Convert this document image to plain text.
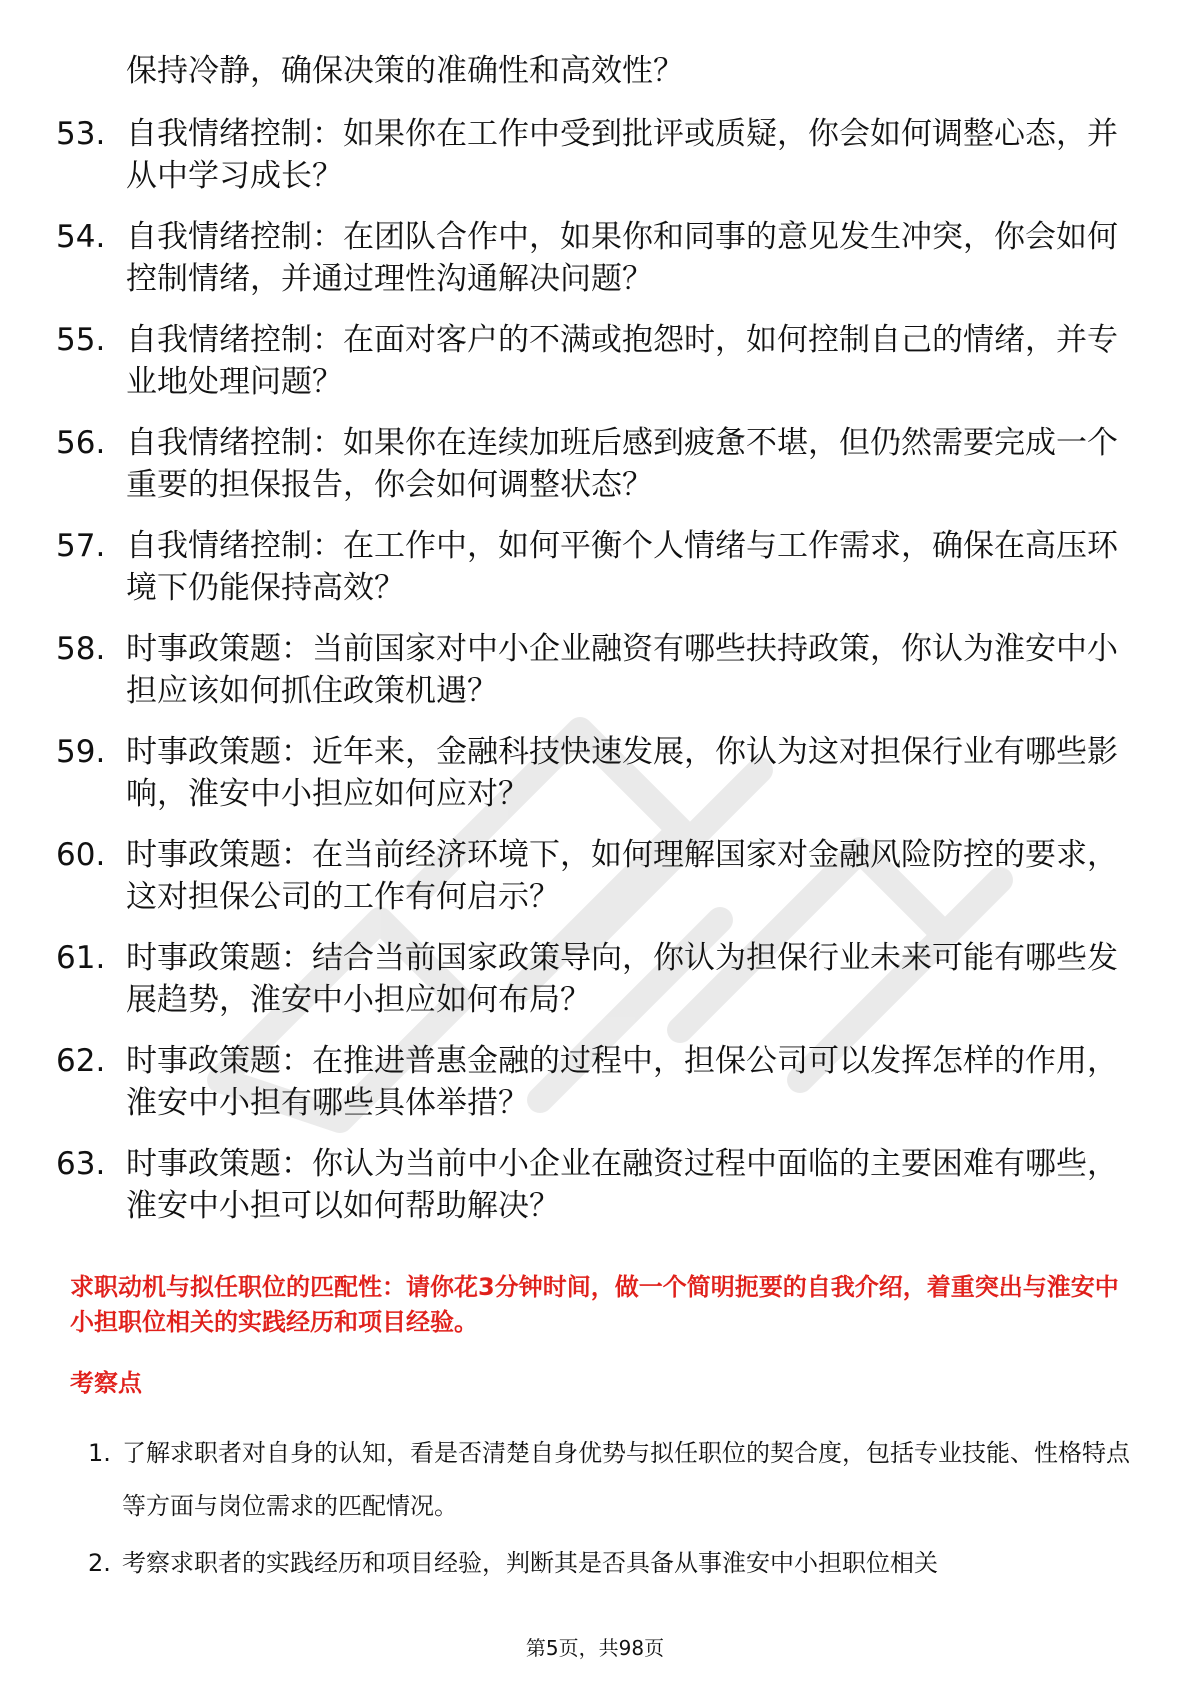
保持冷静，确保决策的准确性和高效性？
53. 自我情绪控制：如果你在工作中受到批评或质疑，你会如何调整心态，并从中学习成长？
54. 自我情绪控制：在团队合作中，如果你和同事的意见发生冲突，你会如何控制情绪，并通过理性沟通解决问题？
55. 自我情绪控制：在面对客户的不满或抱怨时，如何控制自己的情绪，并专业地处理问题？
56. 自我情绪控制：如果你在连续加班后感到疲惫不堪，但仍然需要完成一个重要的担保报告，你会如何调整状态？
57. 自我情绪控制：在工作中，如何平衡个人情绪与工作需求，确保在高压环境下仍能保持高效？
58. 时事政策题：当前国家对中小企业融资有哪些扶持政策，你认为淮安中小担应该如何抓住政策机遇？
59. 时事政策题：近年来，金融科技快速发展，你认为这对担保行业有哪些影响，淮安中小担应如何应对？
60. 时事政策题：在当前经济环境下，如何理解国家对金融风险防控的要求，这对担保公司的工作有何启示？
61. 时事政策题：结合当前国家政策导向，你认为担保行业未来可能有哪些发展趋势，淮安中小担应如何布局？
62. 时事政策题：在推进普惠金融的过程中，担保公司可以发挥怎样的作用，淮安中小担有哪些具体举措？
63. 时事政策题：你认为当前中小企业在融资过程中面临的主要困难有哪些，淮安中小担可以如何帮助解决？
求职动机与拟任职位的匹配性：请你花3分钟时间，做一个简明扼要的自我介绍，着重突出与淮安中小担职位相关的实践经历和项目经验。
考察点
1. 了解求职者对自身的认知，看是否清楚自身优势与拟任职位的契合度，包括专业技能、性格特点等方面与岗位需求的匹配情况。
2. 考察求职者的实践经历和项目经验，判断其是否具备从事淮安中小担职位相关
第5页，共98页
